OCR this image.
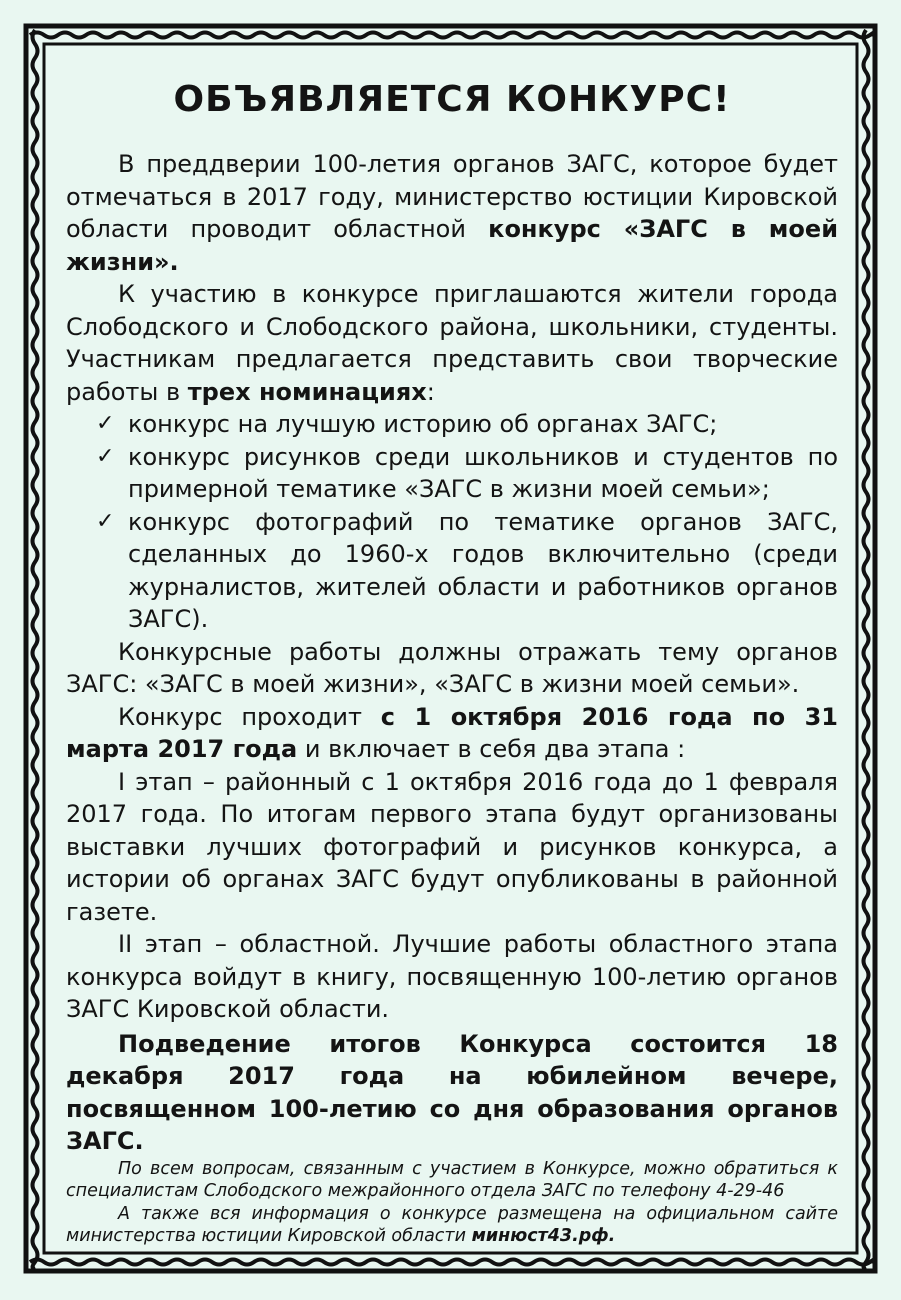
ОБЪЯВЛЯЕТСЯ КОНКУРС!

В преддверии 100-летия органов ЗАГС, которое будет отмечаться в 2017 году, министерство юстиции Кировской области проводит областной конкурс «ЗАГС в моей жизни».

К участию в конкурсе приглашаются жители города Слободского и Слободского района, школьники, студенты. Участникам предлагается представить свои творческие работы в трех номинациях:

✓ конкурс на лучшую историю об органах ЗАГС;
✓ конкурс рисунков среди школьников и студентов по примерной тематике «ЗАГС в жизни моей семьи»;
✓ конкурс фотографий по тематике органов ЗАГС, сделанных до 1960-х годов включительно (среди журналистов, жителей области и работников органов ЗАГС).

Конкурсные работы должны отражать тему органов ЗАГС: «ЗАГС в моей жизни», «ЗАГС в жизни моей семьи».

Конкурс проходит с 1 октября 2016 года по 31 марта 2017 года и включает в себя два этапа :

I этап – районный с 1 октября 2016 года до 1 февраля 2017 года. По итогам первого этапа будут организованы выставки лучших фотографий и рисунков конкурса, а истории об органах ЗАГС будут опубликованы в районной газете.

II этап – областной. Лучшие работы областного этапа конкурса войдут в книгу, посвященную 100-летию органов ЗАГС Кировской области.

Подведение итогов Конкурса состоится 18 декабря 2017 года на юбилейном вечере, посвященном 100-летию со дня образования органов ЗАГС.

По всем вопросам, связанным с участием в Конкурсе, можно обратиться к специалистам Слободского межрайонного отдела ЗАГС по телефону 4-29-46

А также вся информация о конкурсе размещена на официальном сайте министерства юстиции Кировской области минюст43.рф.
